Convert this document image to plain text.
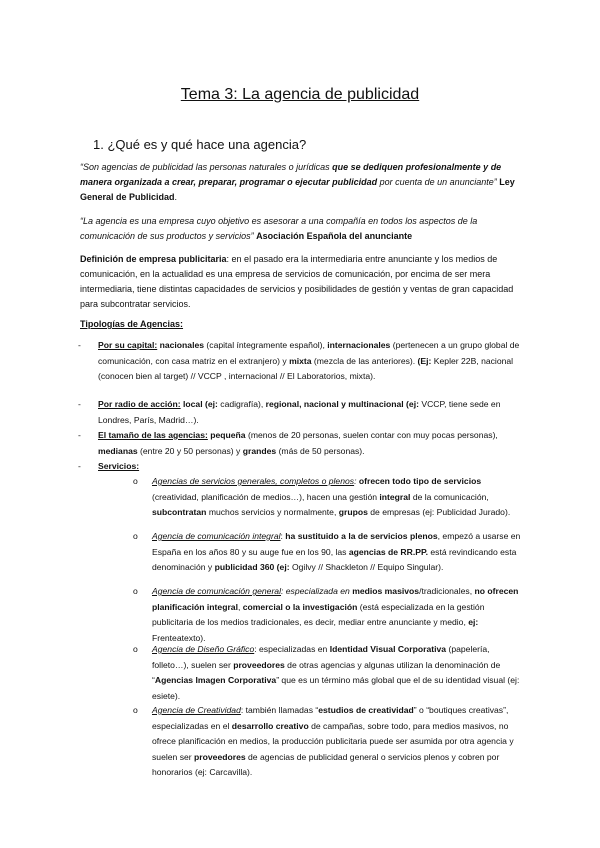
Tema 3: La agencia de publicidad
1. ¿Qué es y qué hace una agencia?

“Son agencias de publicidad las personas naturales o jurídicas que se dediquen profesionalmente y de manera organizada a crear, preparar, programar o ejecutar publicidad por cuenta de un anunciante” Ley General de Publicidad.

“La agencia es una empresa cuyo objetivo es asesorar a una compañía en todos los aspectos de la comunicación de sus productos y servicios” Asociación Española del anunciante

Definición de empresa publicitaria: en el pasado era la intermediaria entre anunciante y los medios de comunicación, en la actualidad es una empresa de servicios de comunicación, por encima de ser mera intermediaria, tiene distintas capacidades de servicios y posibilidades de gestión y ventas de gran capacidad para subcontratar servicios.

Tipologías de Agencias:

- Por su capital: nacionales (capital íntegramente español), internacionales (pertenecen a un grupo global de comunicación, con casa matriz en el extranjero) y mixta (mezcla de las anteriores). (Ej: Kepler 22B, nacional (conocen bien al target) // VCCP , internacional // El Laboratorios, mixta).
- Por radio de acción: local (ej: cadigrafía), regional, nacional y multinacional (ej: VCCP, tiene sede en Londres, París, Madrid…).
- El tamaño de las agencias: pequeña (menos de 20 personas, suelen contar con muy pocas personas), medianas (entre 20 y 50 personas) y grandes (más de 50 personas).
- Servicios:
o Agencias de servicios generales, completos o plenos: ofrecen todo tipo de servicios (creatividad, planificación de medios…), hacen una gestión integral de la comunicación, subcontratan muchos servicios y normalmente, grupos de empresas (ej: Publicidad Jurado).
o Agencia de comunicación integral: ha sustituido a la de servicios plenos, empezó a usarse en España en los años 80 y su auge fue en los 90, las agencias de RR.PP. está revindicando esta denominación y publicidad 360 (ej: Ogilvy // Shackleton // Equipo Singular).
o Agencia de comunicación general: especializada en medios masivos/tradicionales, no ofrecen planificación integral, comercial o la investigación (está especializada en la gestión publicitaria de los medios tradicionales, es decir, mediar entre anunciante y medio, ej: Frenteatexto).
o Agencia de Diseño Gráfico: especializadas en Identidad Visual Corporativa (papelería, folleto…), suelen ser proveedores de otras agencias y algunas utilizan la denominación de “Agencias Imagen Corporativa” que es un término más global que el de su identidad visual (ej: esiete).
o Agencia de Creatividad: también llamadas “estudios de creatividad” o “boutiques creativas”, especializadas en el desarrollo creativo de campañas, sobre todo, para medios masivos, no ofrece planificación en medios, la producción publicitaria puede ser asumida por otra agencia y suelen ser proveedores de agencias de publicidad general o servicios plenos y cobren por honorarios (ej: Carcavilla).
